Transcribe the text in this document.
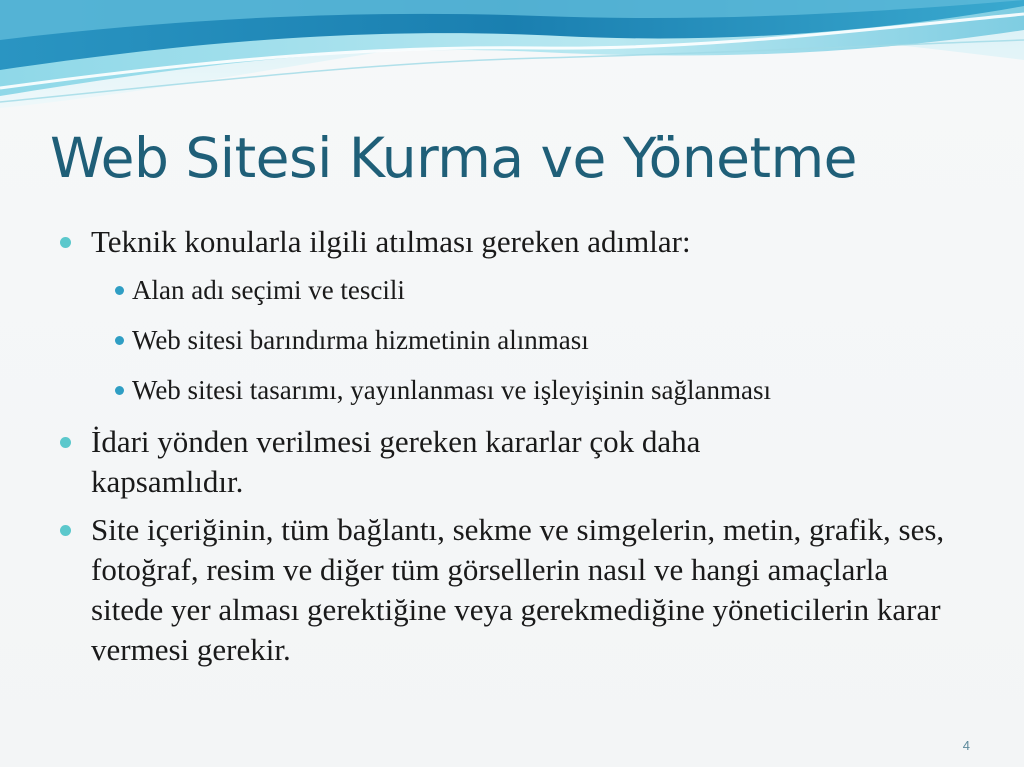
Web Sitesi Kurma ve Yönetme
Teknik konularla ilgili atılması gereken adımlar:
Alan adı seçimi ve tescili
Web sitesi barındırma hizmetinin alınması
Web sitesi tasarımı, yayınlanması ve işleyişinin sağlanması
İdari yönden verilmesi gereken kararlar çok daha kapsamlıdır.
Site içeriğinin, tüm bağlantı, sekme ve simgelerin, metin, grafik, ses, fotoğraf, resim ve diğer tüm görsellerin nasıl ve hangi amaçlarla sitede yer alması gerektiğine veya gerekmediğine yöneticilerin karar vermesi gerekir.
4
